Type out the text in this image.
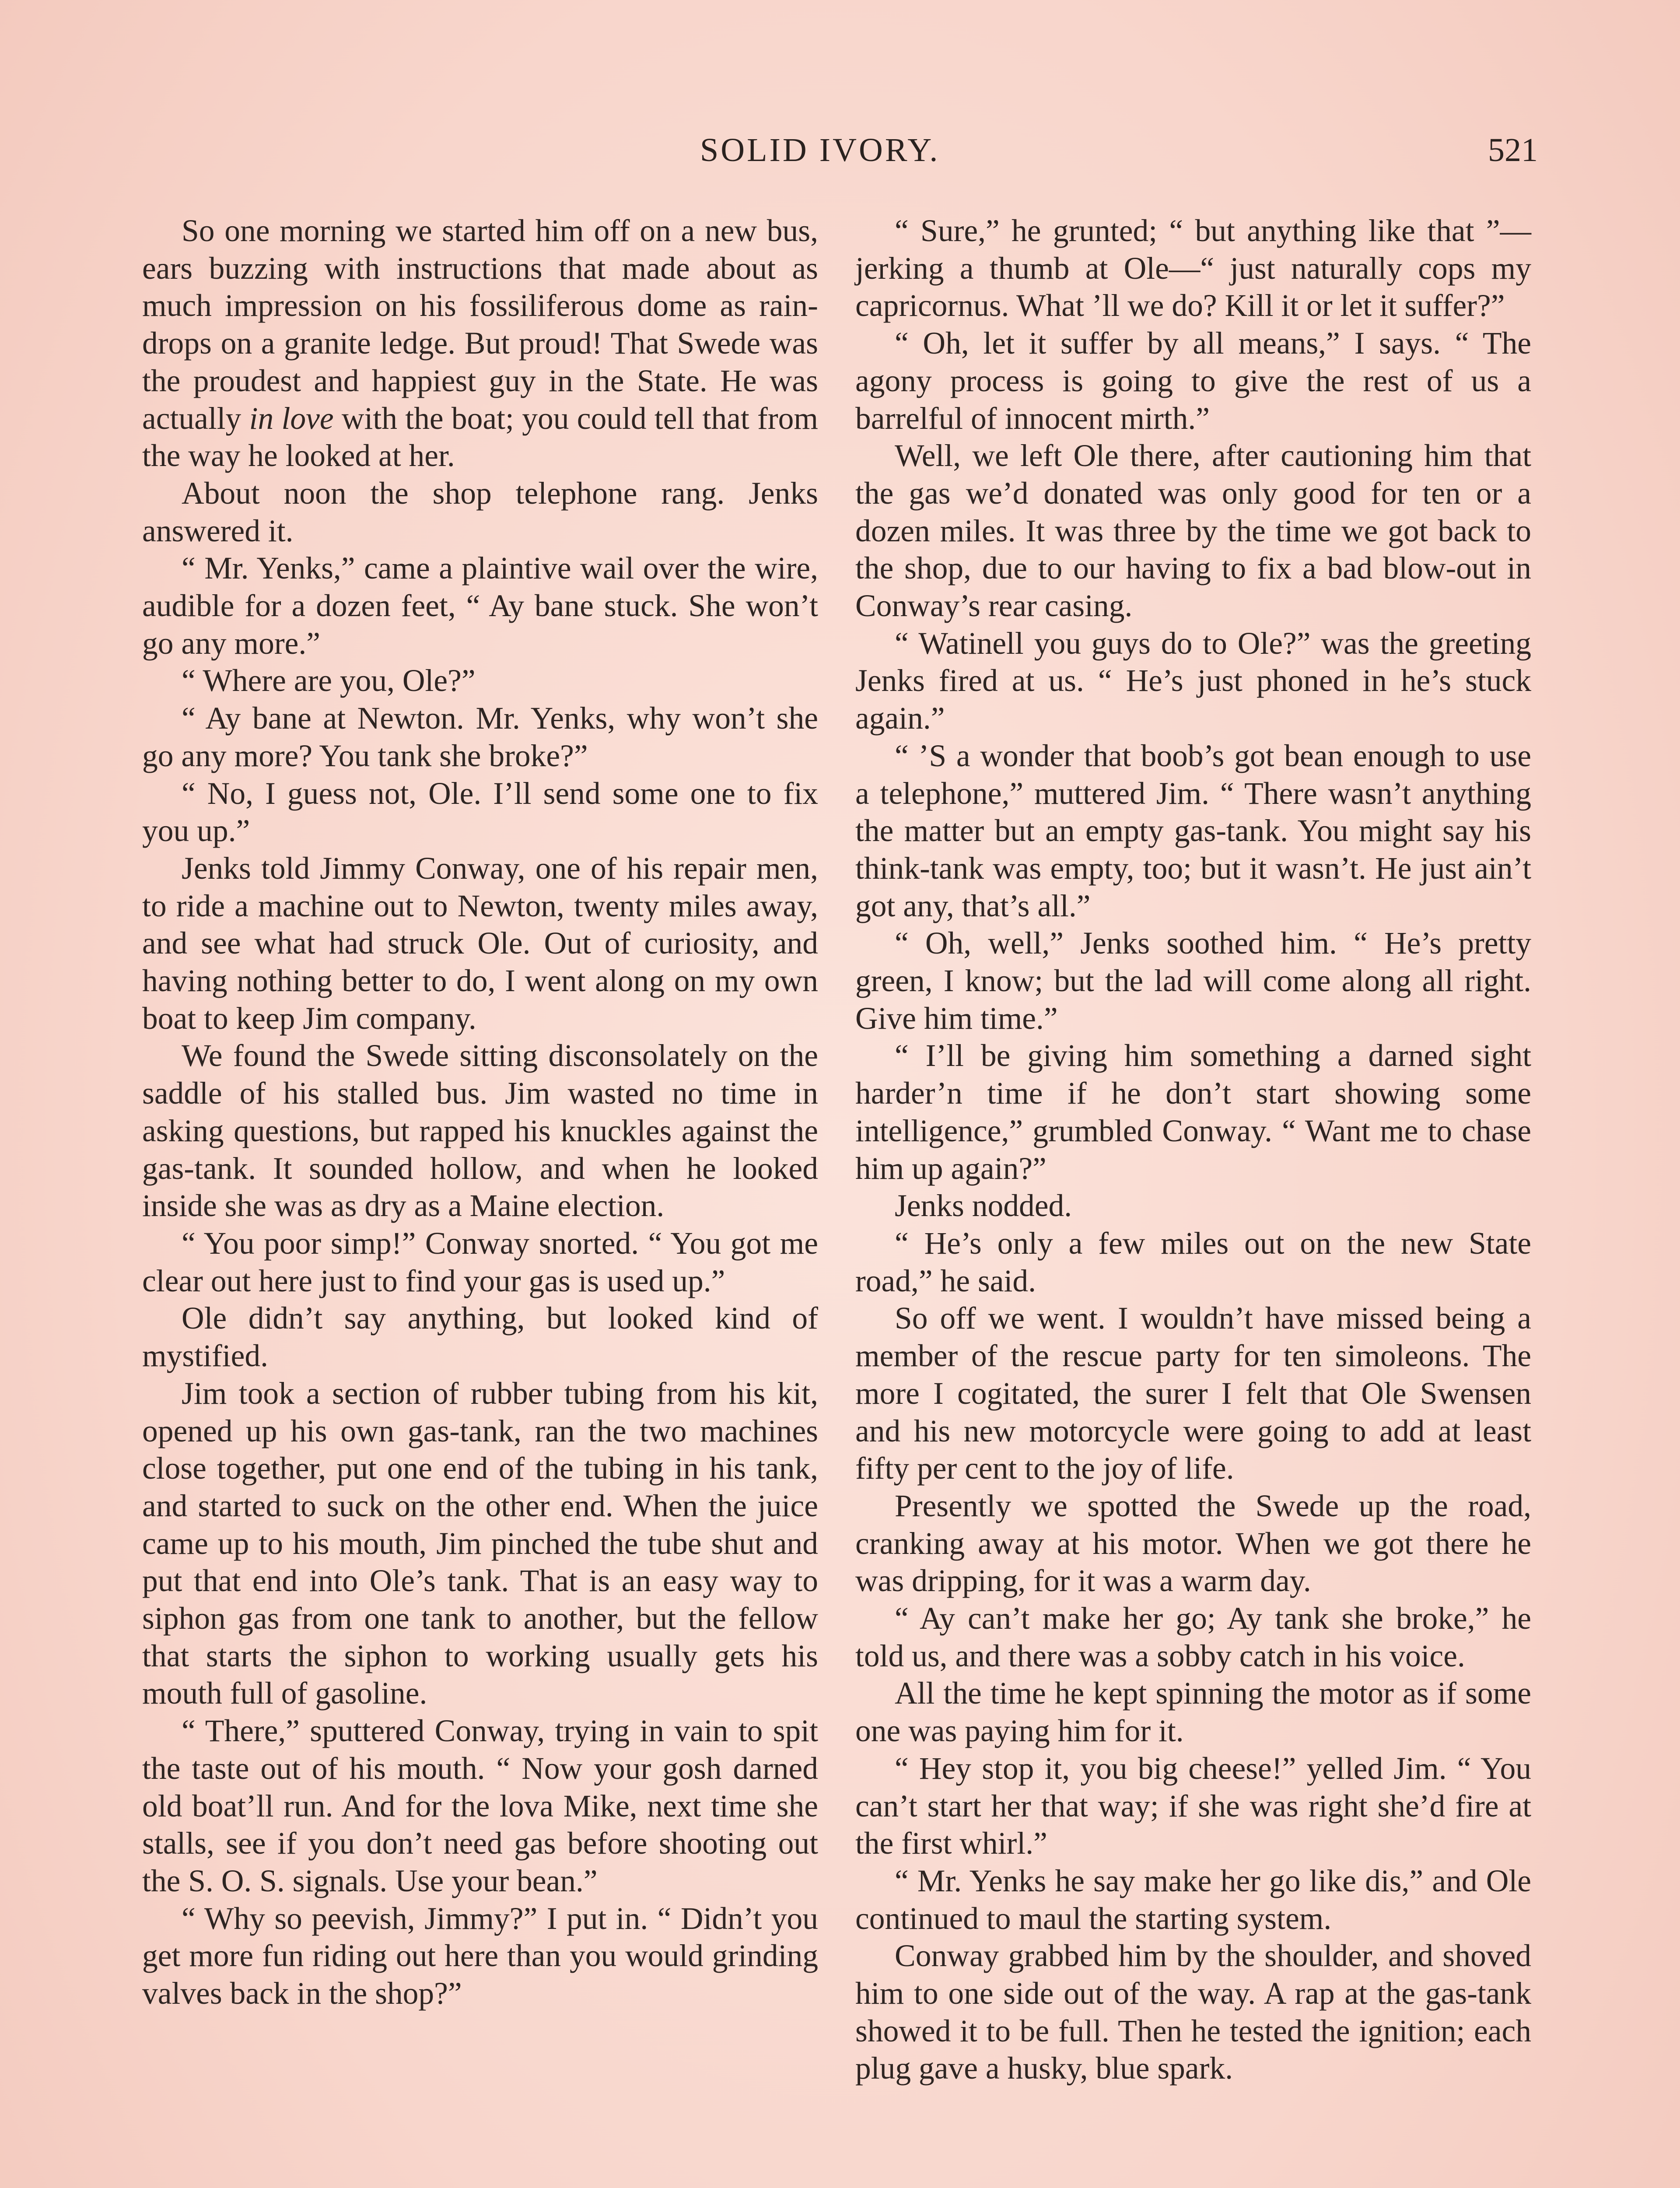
SOLID IVORY.	521

So one morning we started him off on a new bus, ears buzzing with instructions that made about as much impression on his fossiliferous dome as rain-drops on a granite ledge. But proud! That Swede was the proudest and happiest guy in the State. He was actually in love with the boat; you could tell that from the way he looked at her.

About noon the shop telephone rang. Jenks answered it.

“ Mr. Yenks,” came a plaintive wail over the wire, audible for a dozen feet, “ Ay bane stuck. She won’t go any more.”

“ Where are you, Ole?”

“ Ay bane at Newton. Mr. Yenks, why won’t she go any more? You tank she broke?”

“ No, I guess not, Ole. I’ll send some one to fix you up.”

Jenks told Jimmy Conway, one of his repair men, to ride a machine out to Newton, twenty miles away, and see what had struck Ole. Out of curiosity, and having nothing better to do, I went along on my own boat to keep Jim company.

We found the Swede sitting disconsolately on the saddle of his stalled bus. Jim wasted no time in asking questions, but rapped his knuckles against the gas-tank. It sounded hollow, and when he looked inside she was as dry as a Maine election.

“ You poor simp!” Conway snorted. “ You got me clear out here just to find your gas is used up.”

Ole didn’t say anything, but looked kind of mystified.

Jim took a section of rubber tubing from his kit, opened up his own gas-tank, ran the two machines close together, put one end of the tubing in his tank, and started to suck on the other end. When the juice came up to his mouth, Jim pinched the tube shut and put that end into Ole’s tank. That is an easy way to siphon gas from one tank to another, but the fellow that starts the siphon to working usually gets his mouth full of gasoline.

“ There,” sputtered Conway, trying in vain to spit the taste out of his mouth. “ Now your gosh darned old boat’ll run. And for the lova Mike, next time she stalls, see if you don’t need gas before shooting out the S. O. S. signals. Use your bean.”

“ Why so peevish, Jimmy?” I put in. “ Didn’t you get more fun riding out here than you would grinding valves back in the shop?”

“ Sure,” he grunted; “ but anything like that ”—jerking a thumb at Ole—“ just naturally cops my capricornus. What ’ll we do? Kill it or let it suffer?”

“ Oh, let it suffer by all means,” I says. “ The agony process is going to give the rest of us a barrelful of innocent mirth.”

Well, we left Ole there, after cautioning him that the gas we’d donated was only good for ten or a dozen miles. It was three by the time we got back to the shop, due to our having to fix a bad blow-out in Conway’s rear casing.

“ Watinell you guys do to Ole?” was the greeting Jenks fired at us. “ He’s just phoned in he’s stuck again.”

“ ’S a wonder that boob’s got bean enough to use a telephone,” muttered Jim. “ There wasn’t anything the matter but an empty gas-tank. You might say his think-tank was empty, too; but it wasn’t. He just ain’t got any, that’s all.”

“ Oh, well,” Jenks soothed him. “ He’s pretty green, I know; but the lad will come along all right. Give him time.”

“ I’ll be giving him something a darned sight harder’n time if he don’t start showing some intelligence,” grumbled Conway. “ Want me to chase him up again?”

Jenks nodded.

“ He’s only a few miles out on the new State road,” he said.

So off we went. I wouldn’t have missed being a member of the rescue party for ten simoleons. The more I cogitated, the surer I felt that Ole Swensen and his new motorcycle were going to add at least fifty per cent to the joy of life.

Presently we spotted the Swede up the road, cranking away at his motor. When we got there he was dripping, for it was a warm day.

“ Ay can’t make her go; Ay tank she broke,” he told us, and there was a sobby catch in his voice.

All the time he kept spinning the motor as if some one was paying him for it.

“ Hey stop it, you big cheese!” yelled Jim. “ You can’t start her that way; if she was right she’d fire at the first whirl.”

“ Mr. Yenks he say make her go like dis,” and Ole continued to maul the starting system.

Conway grabbed him by the shoulder, and shoved him to one side out of the way. A rap at the gas-tank showed it to be full. Then he tested the ignition; each plug gave a husky, blue spark.
